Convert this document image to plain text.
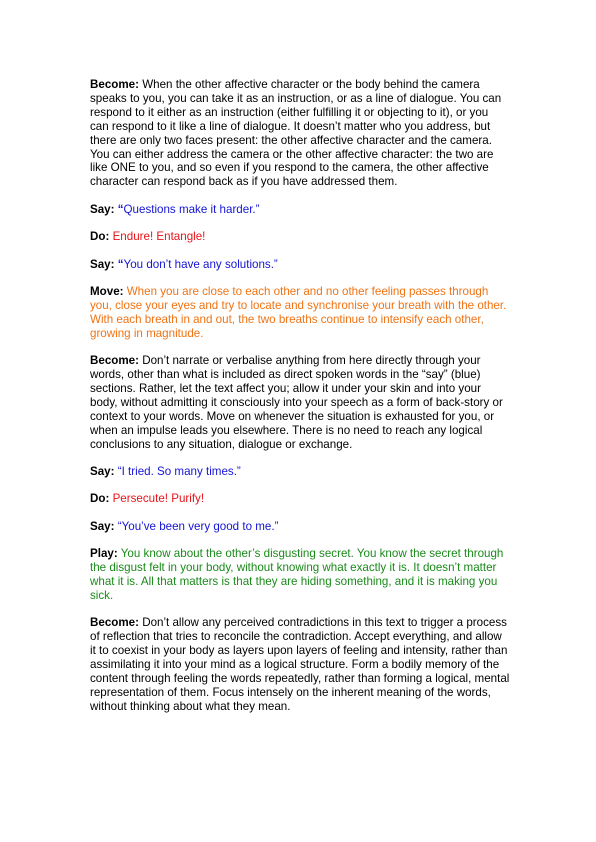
Become: When the other affective character or the body behind the camera speaks to you, you can take it as an instruction, or as a line of dialogue. You can respond to it either as an instruction (either fulfilling it or objecting to it), or you can respond to it like a line of dialogue. It doesn’t matter who you address, but there are only two faces present: the other affective character and the camera. You can either address the camera or the other affective character: the two are like ONE to you, and so even if you respond to the camera, the other affective character can respond back as if you have addressed them.

Say: “Questions make it harder.”

Do: Endure! Entangle!

Say: “You don’t have any solutions.”

Move: When you are close to each other and no other feeling passes through you, close your eyes and try to locate and synchronise your breath with the other. With each breath in and out, the two breaths continue to intensify each other, growing in magnitude.

Become: Don’t narrate or verbalise anything from here directly through your words, other than what is included as direct spoken words in the “say” (blue) sections. Rather, let the text affect you; allow it under your skin and into your body, without admitting it consciously into your speech as a form of back-story or context to your words. Move on whenever the situation is exhausted for you, or when an impulse leads you elsewhere. There is no need to reach any logical conclusions to any situation, dialogue or exchange.

Say: “I tried. So many times.”

Do: Persecute! Purify!

Say: “You’ve been very good to me.”

Play: You know about the other’s disgusting secret. You know the secret through the disgust felt in your body, without knowing what exactly it is. It doesn’t matter what it is. All that matters is that they are hiding something, and it is making you sick.

Become: Don’t allow any perceived contradictions in this text to trigger a process of reflection that tries to reconcile the contradiction. Accept everything, and allow it to coexist in your body as layers upon layers of feeling and intensity, rather than assimilating it into your mind as a logical structure. Form a bodily memory of the content through feeling the words repeatedly, rather than forming a logical, mental representation of them. Focus intensely on the inherent meaning of the words, without thinking about what they mean.
